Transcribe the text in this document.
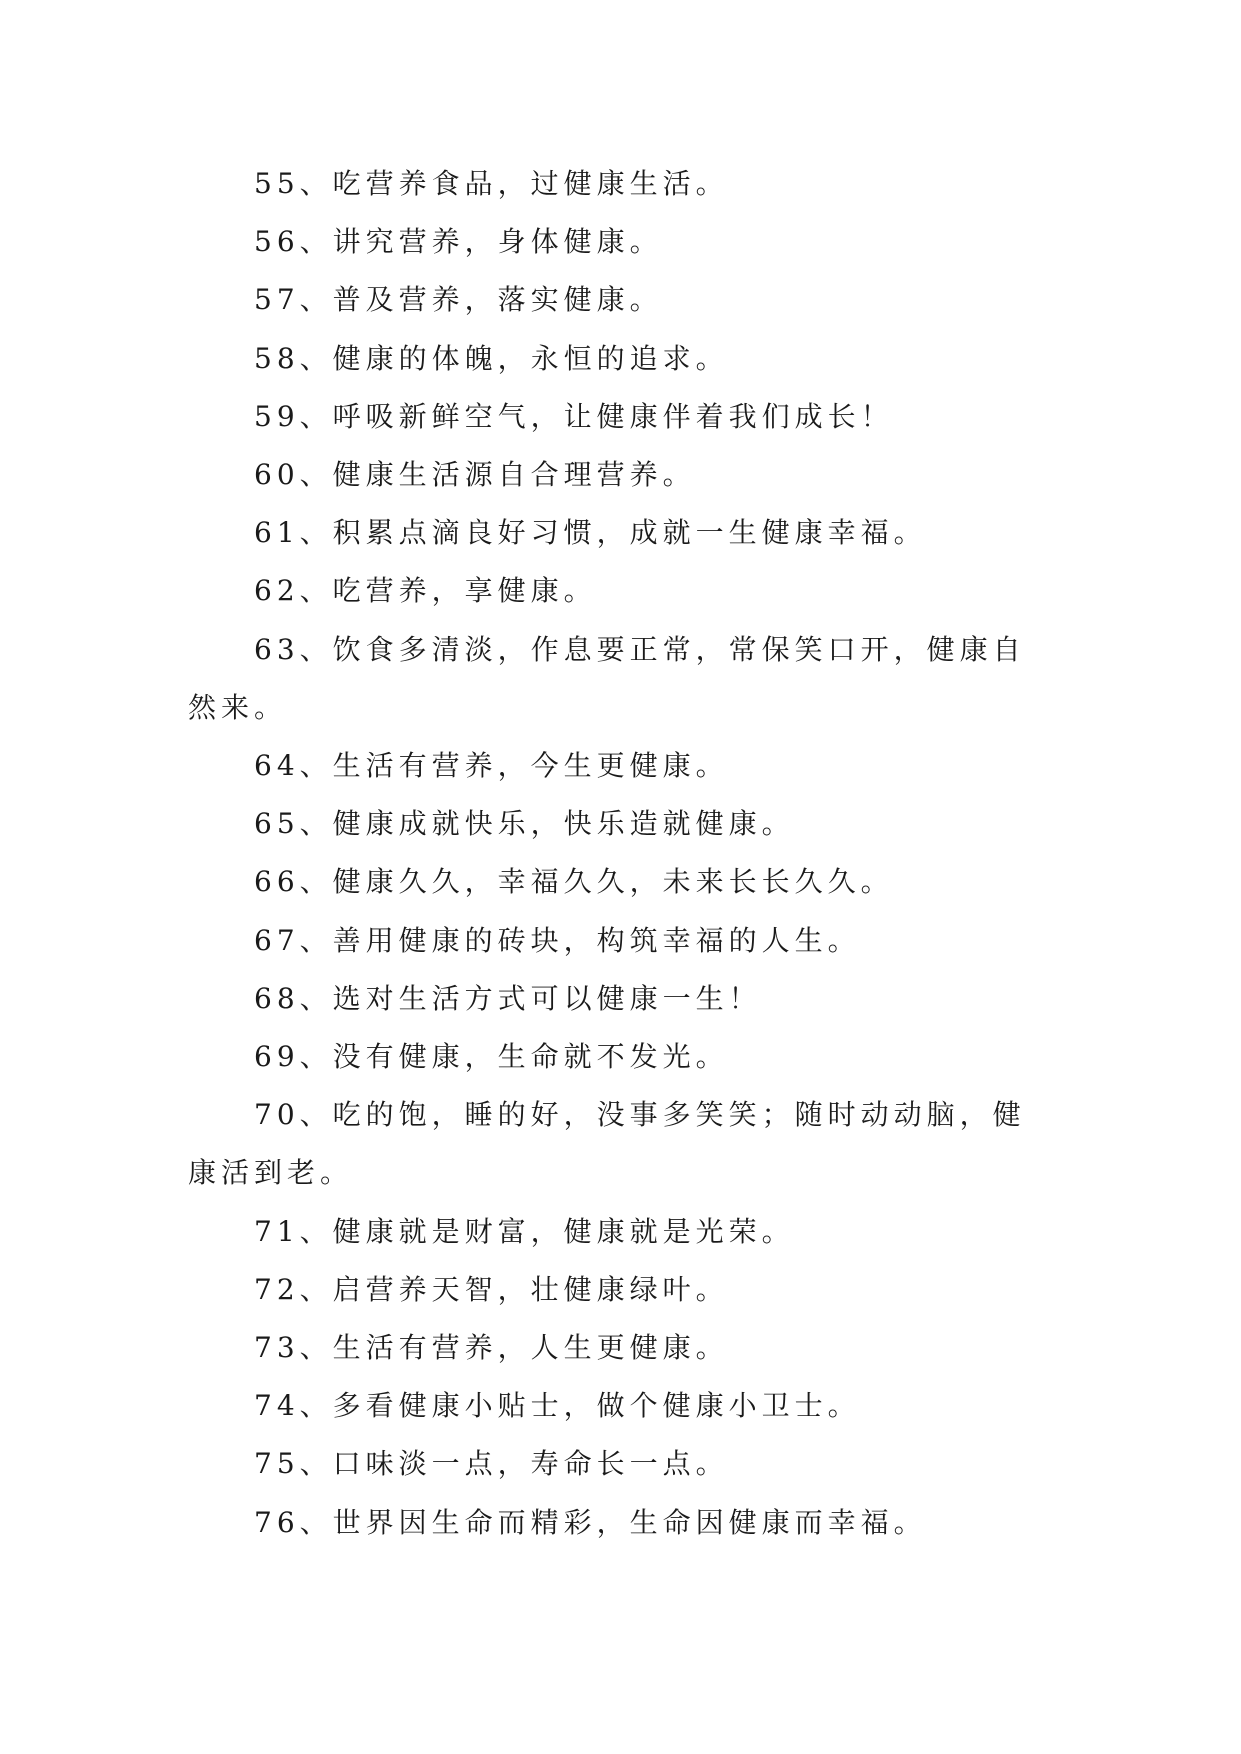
55、吃营养食品，过健康生活。

56、讲究营养，身体健康。

57、普及营养，落实健康。

58、健康的体魄，永恒的追求。

59、呼吸新鲜空气，让健康伴着我们成长！

60、健康生活源自合理营养。

61、积累点滴良好习惯，成就一生健康幸福。

62、吃营养，享健康。

63、饮食多清淡，作息要正常，常保笑口开，健康自然来。

64、生活有营养，今生更健康。

65、健康成就快乐，快乐造就健康。

66、健康久久，幸福久久，未来长长久久。

67、善用健康的砖块，构筑幸福的人生。

68、选对生活方式可以健康一生！

69、没有健康，生命就不发光。

70、吃的饱，睡的好，没事多笑笑；随时动动脑，健康活到老。

71、健康就是财富，健康就是光荣。

72、启营养天智，壮健康绿叶。

73、生活有营养，人生更健康。

74、多看健康小贴士，做个健康小卫士。

75、口味淡一点，寿命长一点。

76、世界因生命而精彩，生命因健康而幸福。
